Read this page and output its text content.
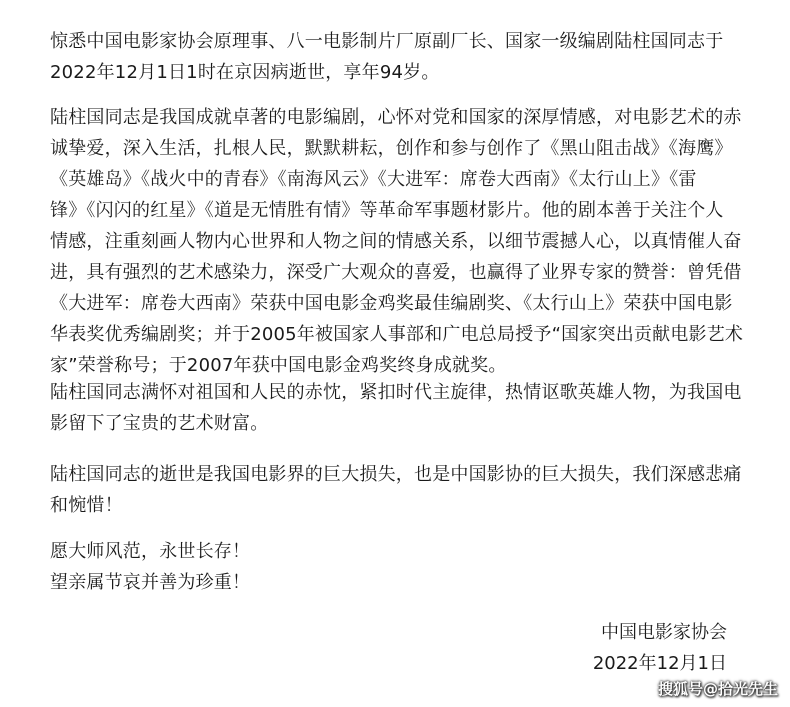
惊悉中国电影家协会原理事、八一电影制片厂原副厂长、国家一级编剧陆柱国同志于
2022年12月1日1时在京因病逝世，享年94岁。

陆柱国同志是我国成就卓著的电影编剧，心怀对党和国家的深厚情感，对电影艺术的赤
诚挚爱，深入生活，扎根人民，默默耕耘，创作和参与创作了《黑山阻击战》《海鹰》
《英雄岛》《战火中的青春》《南海风云》《大进军：席卷大西南》《太行山上》《雷
锋》《闪闪的红星》《道是无情胜有情》等革命军事题材影片。他的剧本善于关注个人
情感，注重刻画人物内心世界和人物之间的情感关系，以细节震撼人心，以真情催人奋
进，具有强烈的艺术感染力，深受广大观众的喜爱，也赢得了业界专家的赞誉：曾凭借
《大进军：席卷大西南》荣获中国电影金鸡奖最佳编剧奖、《太行山上》荣获中国电影
华表奖优秀编剧奖；并于2005年被国家人事部和广电总局授予“国家突出贡献电影艺术
家”荣誉称号；于2007年获中国电影金鸡奖终身成就奖。

陆柱国同志满怀对祖国和人民的赤忱，紧扣时代主旋律，热情讴歌英雄人物，为我国电
影留下了宝贵的艺术财富。

陆柱国同志的逝世是我国电影界的巨大损失，也是中国影协的巨大损失，我们深感悲痛
和惋惜！

愿大师风范，永世长存！
望亲属节哀并善为珍重！

中国电影家协会
2022年12月1日
搜狐号@拾光先生
